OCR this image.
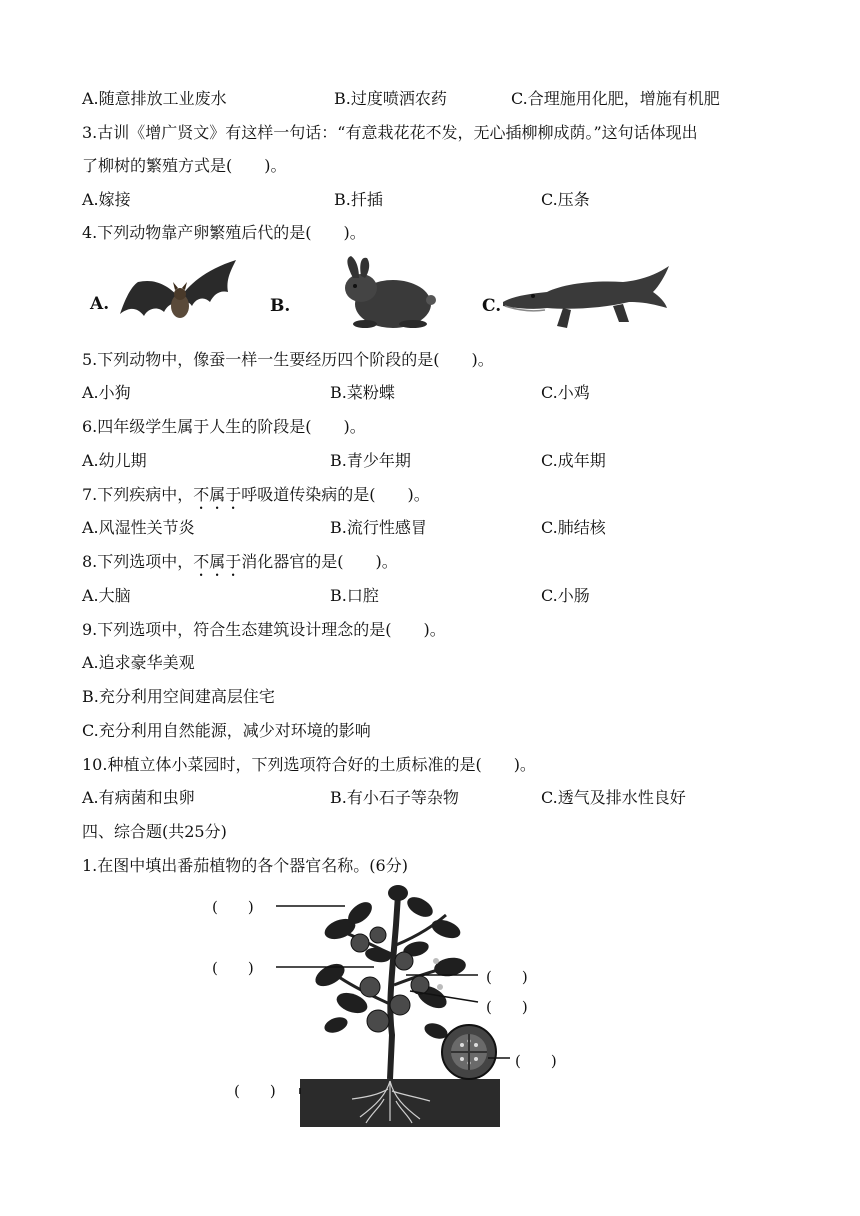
A.随意排放工业废水	B.过度喷洒农药	C.合理施用化肥，增施有机肥
3.古训《增广贤文》有这样一句话：“有意栽花花不发，无心插柳柳成荫。”这句话体现出
了柳树的繁殖方式是(　　)。
A.嫁接	B.扦插	C.压条
4.下列动物靠产卵繁殖后代的是(　　)。
A.	B.	C.
5.下列动物中，像蚕一样一生要经历四个阶段的是(　　)。
A.小狗	B.菜粉蝶	C.小鸡
6.四年级学生属于人生的阶段是(　　)。
A.幼儿期	B.青少年期	C.成年期
7.下列疾病中，不属于呼吸道传染病的是(　　)。
A.风湿性关节炎	B.流行性感冒	C.肺结核
8.下列选项中，不属于消化器官的是(　　)。
A.大脑	B.口腔	C.小肠
9.下列选项中，符合生态建筑设计理念的是(　　)。
A.追求豪华美观
B.充分利用空间建高层住宅
C.充分利用自然能源，减少对环境的影响
10.种植立体小菜园时，下列选项符合好的土质标准的是(　　)。
A.有病菌和虫卵	B.有小石子等杂物	C.透气及排水性良好
四、综合题(共25分)
1.在图中填出番茄植物的各个器官名称。(6分)
(　　)
(　　)	(　　)
(　　)
(　　)
(　　)
